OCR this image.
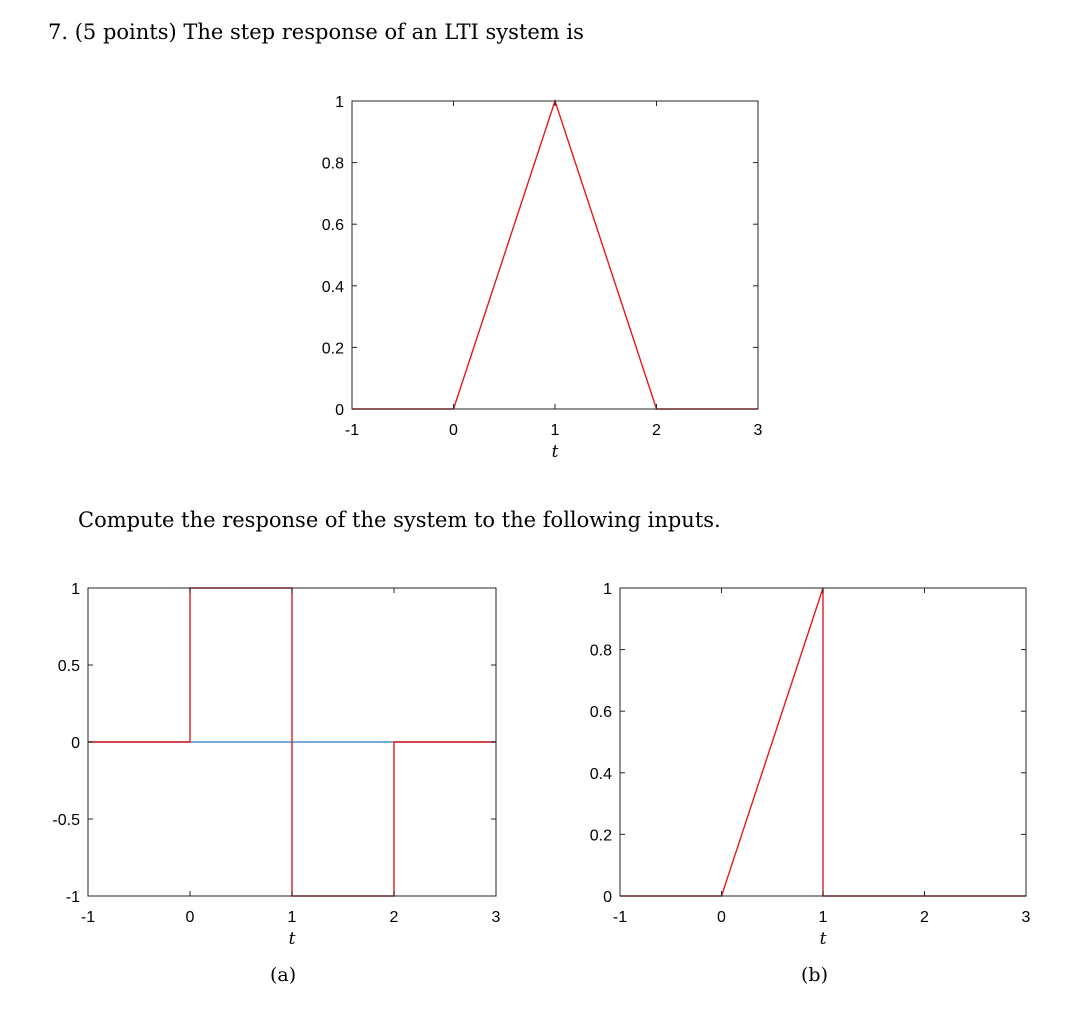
7. (5 points) The step response of an LTI system is
-1	0	1	2	3
0
0.2
0.4
0.6
0.8
1
t
Compute the response of the system to the following inputs.
-1	0	1	2	3
-1
-0.5
0
0.5
1
t
-1	0	1	2	3
0
0.2
0.4
0.6
0.8
1
t
(a)	(b)
